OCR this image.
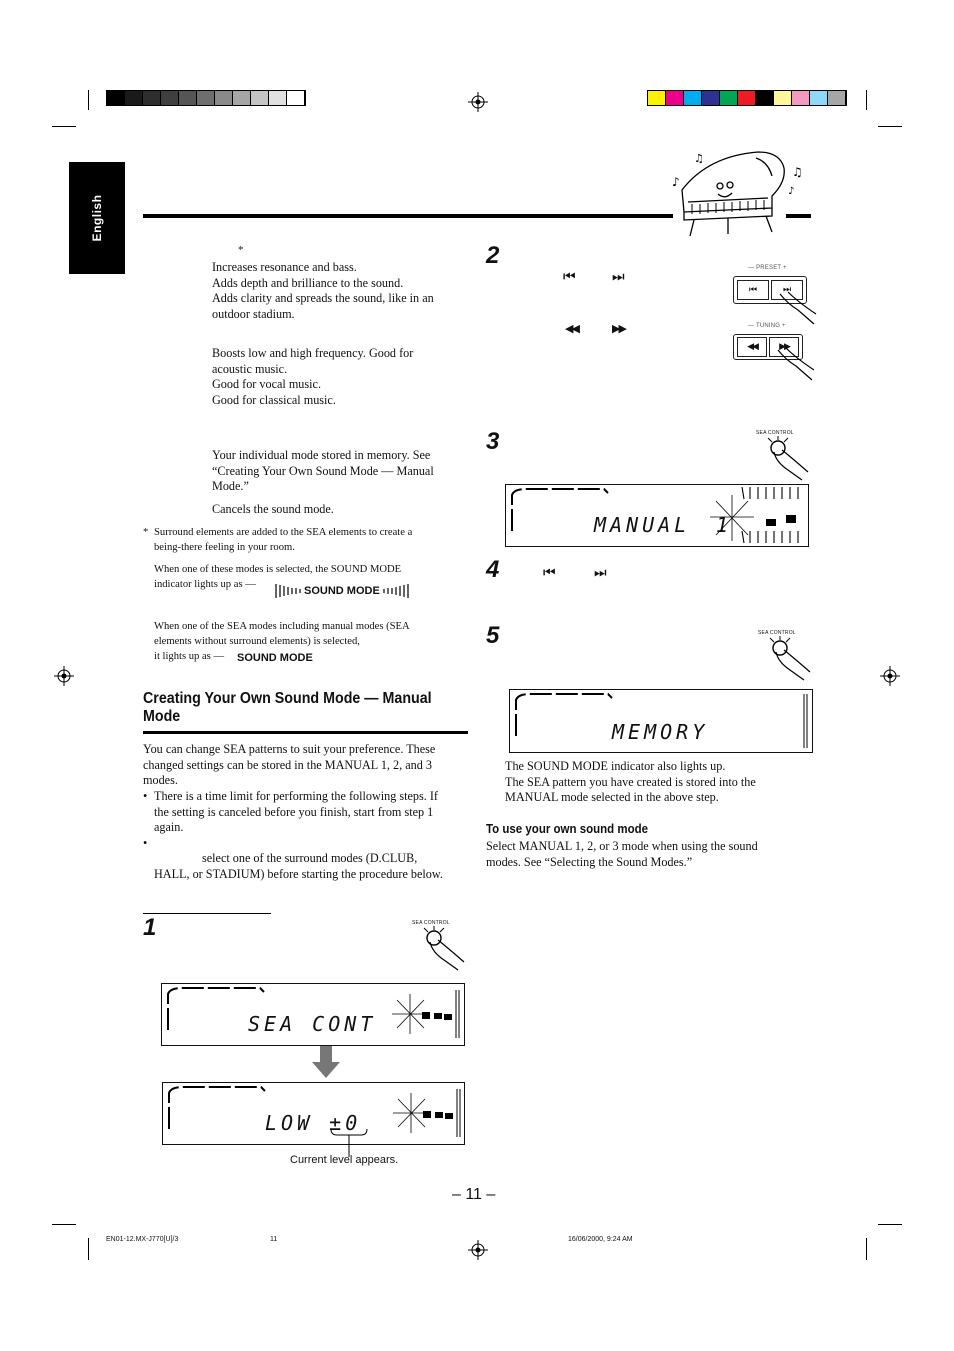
English
♪
♫
♫
♪
*
Increases resonance and bass.
Adds depth and brilliance to the sound.
Adds clarity and spreads the sound, like in an
outdoor stadium.
Boosts low and high frequency. Good for
acoustic music.
Good for vocal music.
Good for classical music.
Your individual mode stored in memory. See
“Creating Your Own Sound Mode — Manual
Mode.”
Cancels the sound mode.
* Surround elements are added to the SEA elements to create a
being-there feeling in your room.
When one of these modes is selected, the SOUND MODE
indicator lights up as —
SOUND MODE
When one of the SEA modes including manual modes (SEA
elements without surround elements) is selected,
it lights up as —	SOUND MODE
Creating Your Own Sound Mode — Manual
Mode
You can change SEA patterns to suit your preference. These
changed settings can be stored in the MANUAL 1, 2, and 3
modes.
• There is a time limit for performing the following steps. If
the setting is canceled before you finish, start from step 1
again.
•
select one of the surround modes (D.CLUB,
HALL, or STADIUM) before starting the procedure below.
1	SEA CONTROL
SEA CONT
LOW ±0
Current level appears.
2
⏮	⏭
◀◀	▶▶
— PRESET +
⏮	⏭
— TUNING +
◀◀	▶▶
3	SEA CONTROL
MANUAL 1
4	⏮	⏭
5	SEA CONTROL
MEMORY
The SOUND MODE indicator also lights up.
The SEA pattern you have created is stored into the
MANUAL mode selected in the above step.
To use your own sound mode
Select MANUAL 1, 2, or 3 mode when using the sound
modes. See “Selecting the Sound Modes.”
– 11 –
EN01-12.MX-J770[U]/3	11	16/06/2000, 9:24 AM
